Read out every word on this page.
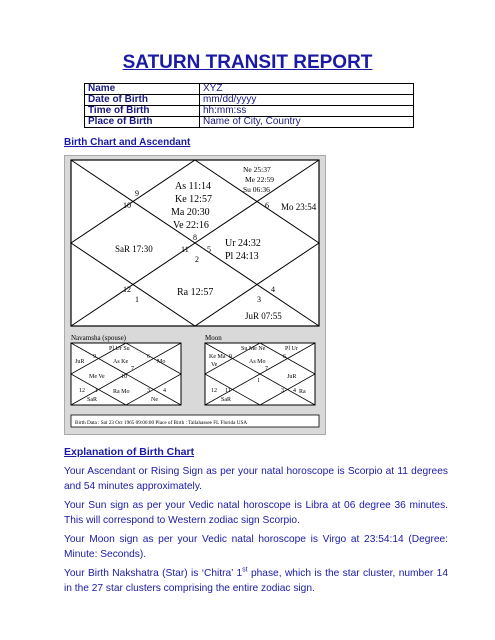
SATURN TRANSIT REPORT
Name	XYZ
Date of Birth	mm/dd/yyyy
Time of Birth	hh:mm:ss
Place of Birth	Name of City, Country
Birth Chart and Ascendant
9
10
8
11
2
5
6
12
1
4
3
Ne 25:37
Me 22:59
Su 06:36
As 11:14
Ke 12:57
Ma 20:30
Ve 22:16
Mo 23:54
SaR 17:30	Ur 24:32
Pl 24:13
Ra 12:57
JuR 07:55
Navamsha (spouse)
Pl Ur Su
JuR	As Ke	Mo
Me Ve
Ra Mo
Ne
SaR
12
10
1
9	6
3 4
7
Moon
Su Me Ne	Pl Ur
Ke Ma
Ve	As Mo
JuR
Ra
SaR
12 11
1
9	6
3 4
7
Birth Data : Sat 23 Oct 1965 09:06:00 Place of Birth : Tallahassee FL Florida USA
Explanation of Birth Chart

Your Ascendant or Rising Sign as per your natal horoscope is Scorpio at 11 degrees and 54 minutes approximately.

Your Sun sign as per your Vedic natal horoscope is Libra at 06 degree 36 minutes. This will correspond to Western zodiac sign Scorpio.

Your Moon sign as per your Vedic natal horoscope is Virgo at 23:54:14 (Degree: Minute: Seconds).

Your Birth Nakshatra (Star) is ‘Chitra’ 1st phase, which is the star cluster, number 14 in the 27 star clusters comprising the entire zodiac sign.
